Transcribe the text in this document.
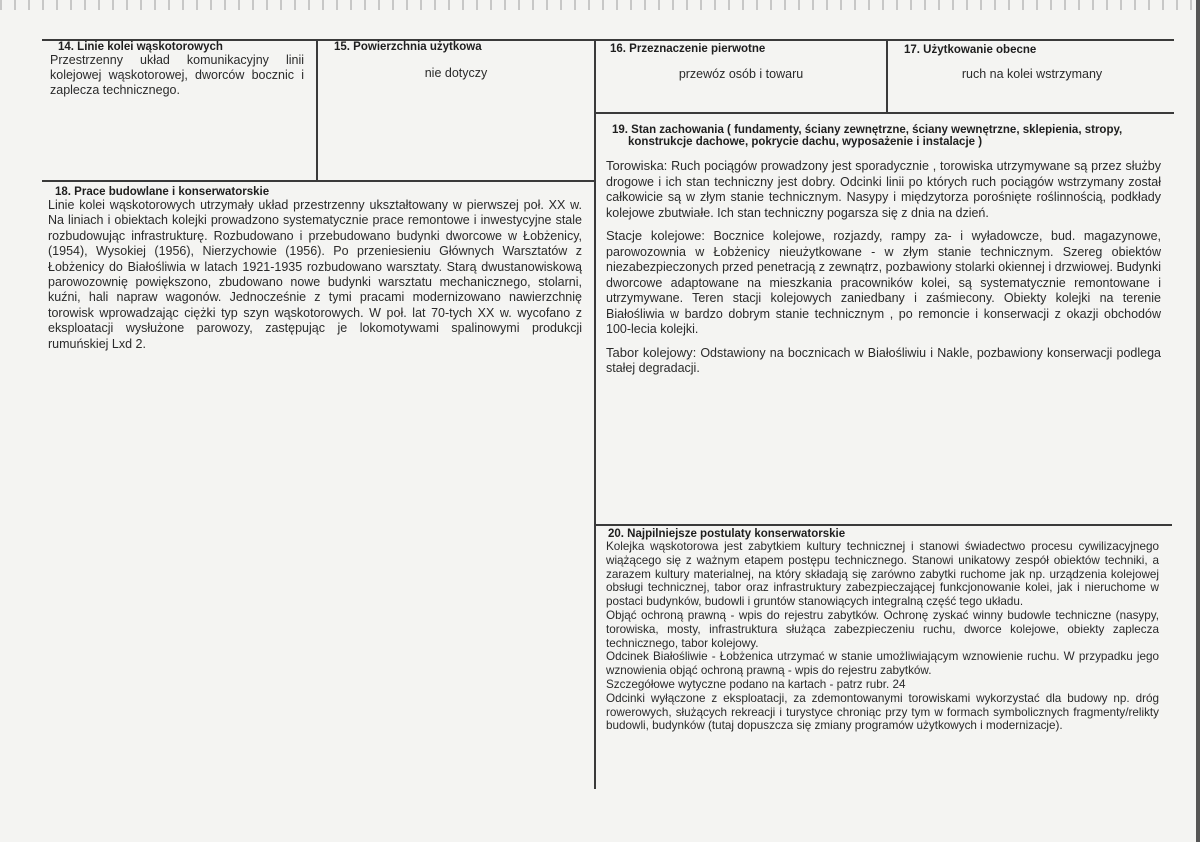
14. Linie kolei wąskotorowych
Przestrzenny układ komunikacyjny linii kolejowej wąskotorowej, dworców bocznic i zaplecza technicznego.
15. Powierzchnia użytkowa
nie dotyczy
16. Przeznaczenie pierwotne
przewóz osób i towaru
17. Użytkowanie obecne
ruch na kolei wstrzymany
18. Prace budowlane i konserwatorskie
Linie kolei wąskotorowych utrzymały układ przestrzenny ukształtowany w pierwszej poł. XX w. Na liniach i obiektach kolejki prowadzono systematycznie prace remontowe i inwestycyjne stale rozbudowując infrastrukturę. Rozbudowano i przebudowano budynki dworcowe w Łobżenicy, (1954), Wysokiej (1956), Nierzychowie (1956). Po przeniesieniu Głównych Warsztatów z Łobżenicy do Białośliwia w latach 1921-1935 rozbudowano warsztaty. Starą dwustanowiskową parowozownię powiększono, zbudowano nowe budynki warsztatu mechanicznego, stolarni, kuźni, hali napraw wagonów. Jednocześnie z tymi pracami modernizowano nawierzchnię torowisk wprowadzając ciężki typ szyn wąskotorowych. W poł. lat 70-tych XX w. wycofano z eksploatacji wysłużone parowozy, zastępując je lokomotywami spalinowymi produkcji rumuńskiej Lxd 2.
19. Stan zachowania ( fundamenty, ściany zewnętrzne, ściany wewnętrzne, sklepienia, stropy,
konstrukcje dachowe, pokrycie dachu, wyposażenie i instalacje )
Torowiska: Ruch pociągów prowadzony jest sporadycznie , torowiska utrzymywane są przez służby drogowe i ich stan techniczny jest dobry. Odcinki linii po których ruch pociągów wstrzymany został całkowicie są w złym stanie technicznym. Nasypy i międzytorza porośnięte roślinnością, podkłady kolejowe zbutwiałe. Ich stan techniczny pogarsza się z dnia na dzień.
Stacje kolejowe: Bocznice kolejowe, rozjazdy, rampy za- i wyładowcze, bud. magazynowe, parowozownia w Łobżenicy nieużytkowane - w złym stanie technicznym. Szereg obiektów niezabezpieczonych przed penetracją z zewnątrz, pozbawiony stolarki okiennej i drzwiowej. Budynki dworcowe adaptowane na mieszkania pracowników kolei, są systematycznie remontowane i utrzymywane. Teren stacji kolejowych zaniedbany i zaśmiecony. Obiekty kolejki na terenie Białośliwia w bardzo dobrym stanie technicznym , po remoncie i konserwacji z okazji obchodów 100-lecia kolejki.
Tabor kolejowy: Odstawiony na bocznicach w Białośliwiu i Nakle, pozbawiony konserwacji podlega stałej degradacji.
20. Najpilniejsze postulaty konserwatorskie

Kolejka wąskotorowa jest zabytkiem kultury technicznej i stanowi świadectwo procesu cywilizacyjnego wiążącego się z ważnym etapem postępu technicznego. Stanowi unikatowy zespół obiektów techniki, a zarazem kultury materialnej, na który składają się zarówno zabytki ruchome jak np. urządzenia kolejowej obsługi technicznej, tabor oraz infrastruktury zabezpieczającej funkcjonowanie kolei, jak i nieruchome w postaci budynków, budowli i gruntów stanowiących integralną część tego układu.

Objąć ochroną prawną - wpis do rejestru zabytków. Ochronę zyskać winny budowle techniczne (nasypy, torowiska, mosty, infrastruktura służąca zabezpieczeniu ruchu, dworce kolejowe, obiekty zaplecza technicznego, tabor kolejowy.

Odcinek Białośliwie - Łobżenica utrzymać w stanie umożliwiającym wznowienie ruchu. W przypadku jego wznowienia objąć ochroną prawną - wpis do rejestru zabytków.

Szczegółowe wytyczne podano na kartach - patrz rubr. 24

Odcinki wyłączone z eksploatacji, za zdemontowanymi torowiskami wykorzystać dla budowy np. dróg rowerowych, służących rekreacji i turystyce chroniąc przy tym w formach symbolicznych fragmenty/relikty budowli, budynków (tutaj dopuszcza się zmiany programów użytkowych i modernizacje).
